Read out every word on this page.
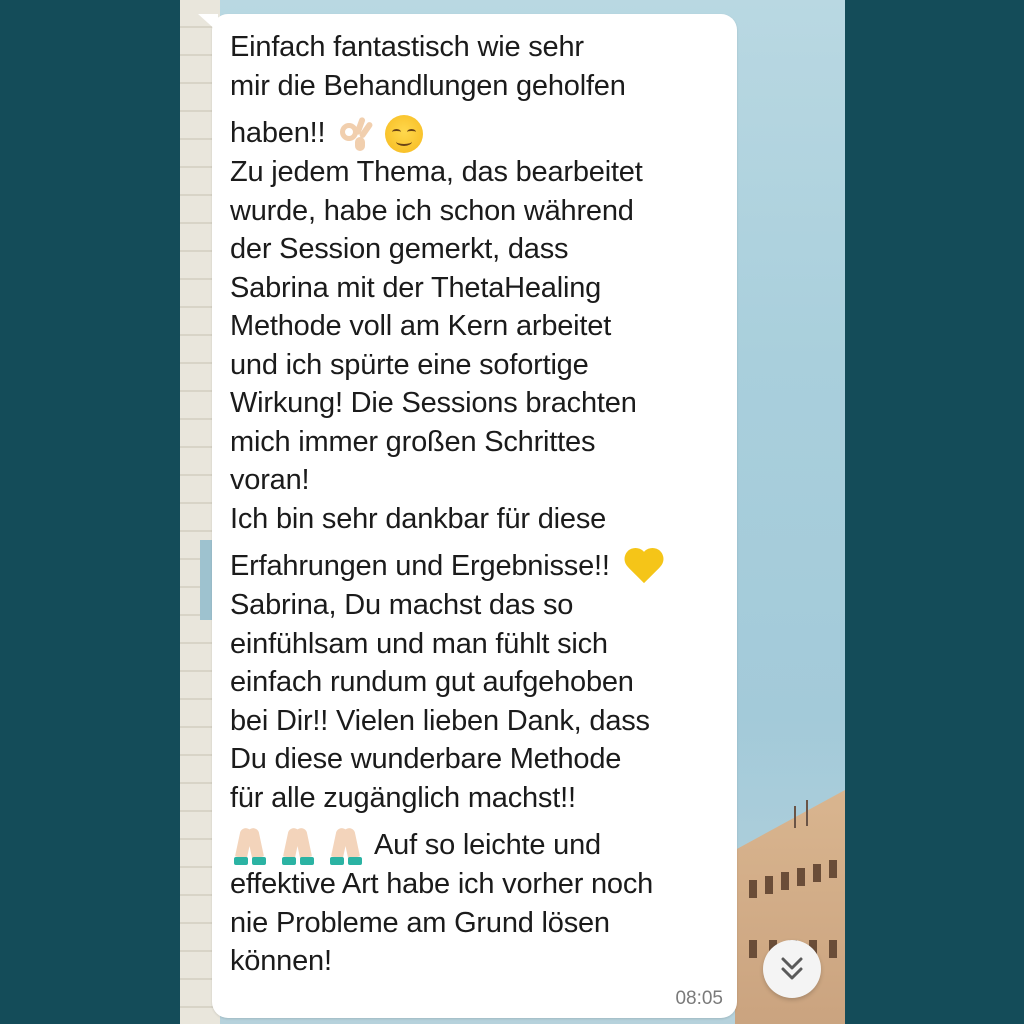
Einfach fantastisch wie sehr
mir die Behandlungen geholfen
haben!!

Zu jedem Thema, das bearbeitet
wurde, habe ich schon während
der Session gemerkt, dass
Sabrina mit der ThetaHealing
Methode voll am Kern arbeitet
und ich spürte eine sofortige
Wirkung! Die Sessions brachten
mich immer großen Schrittes
voran!
Ich bin sehr dankbar für diese
Erfahrungen und Ergebnisse!!
Sabrina, Du machst das so
einfühlsam und man fühlt sich
einfach rundum gut aufgehoben
bei Dir!! Vielen lieben Dank, dass
Du diese wunderbare Methode
für alle zugänglich machst!!
Auf so leichte und
effektive Art habe ich vorher noch
nie Probleme am Grund lösen
können!
08:05
